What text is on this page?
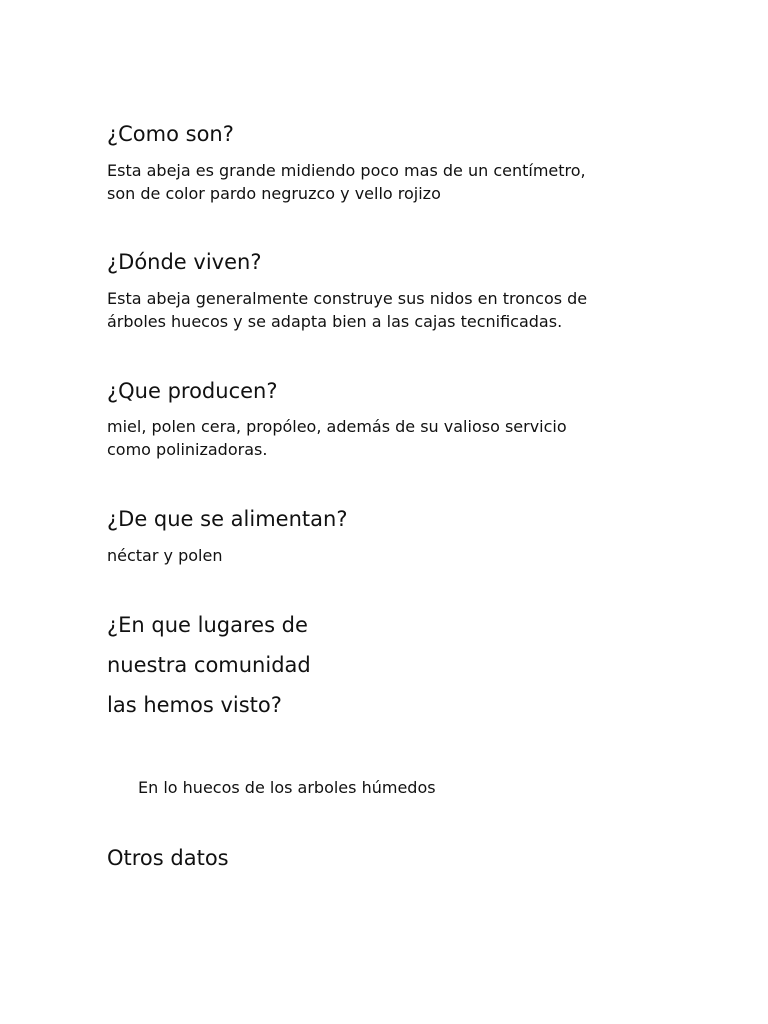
¿Como son?

Esta abeja es grande midiendo poco mas de un centímetro,
son de color pardo negruzco y vello rojizo

¿Dónde viven?

Esta abeja generalmente construye sus nidos en troncos de
árboles huecos y se adapta bien a las cajas tecnificadas.

¿Que producen?

miel, polen cera, propóleo, además de su valioso servicio
como polinizadoras.

¿De que se alimentan?

néctar y polen

¿En que lugares de
nuestra comunidad
las hemos visto?

En lo huecos de los arboles húmedos

Otros datos
